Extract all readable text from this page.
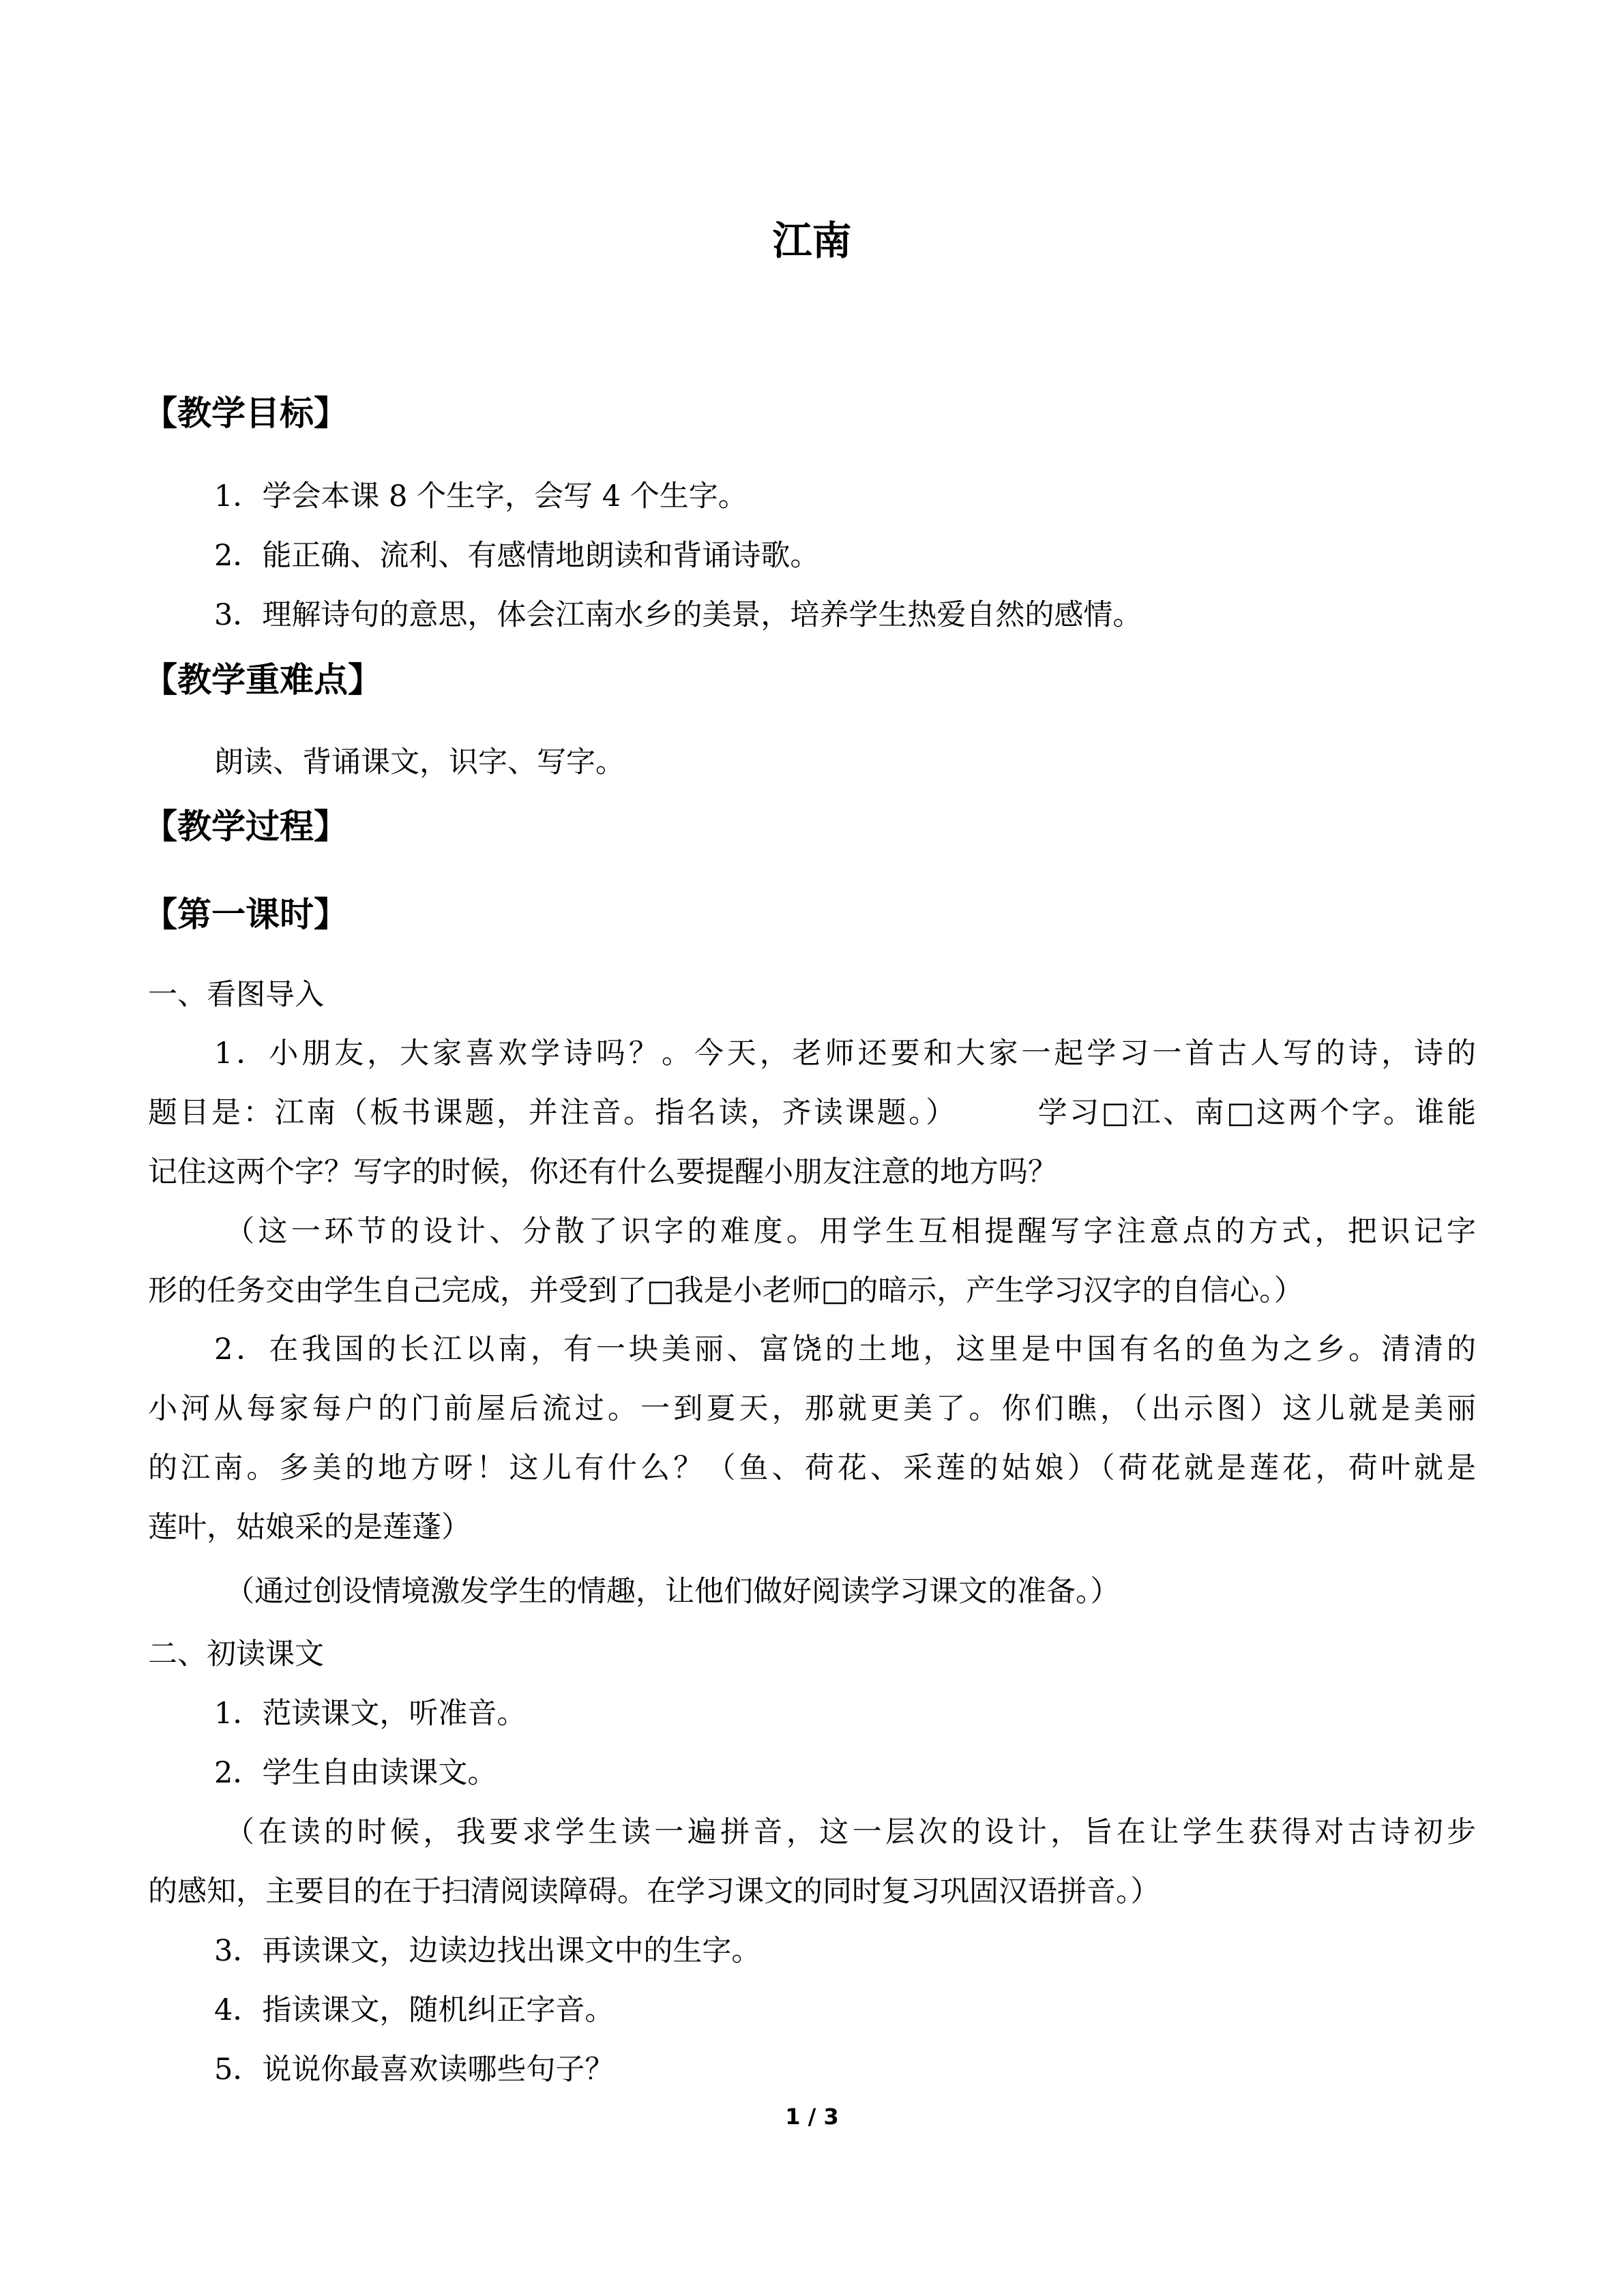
江南
【教学目标】
1．学会本课 8 个生字，会写 4 个生字。
2．能正确、流利、有感情地朗读和背诵诗歌。
3．理解诗句的意思，体会江南水乡的美景，培养学生热爱自然的感情。
【教学重难点】
朗读、背诵课文，识字、写字。
【教学过程】
【第一课时】
一、看图导入
1．小朋友，大家喜欢学诗吗？。今天，老师还要和大家一起学习一首古人写的诗，诗的
题目是：江南（板书课题，并注音。指名读，齐读课题。）　　　学习□江、南□这两个字。谁能
记住这两个字？写字的时候，你还有什么要提醒小朋友注意的地方吗？
（这一环节的设计、分散了识字的难度。用学生互相提醒写字注意点的方式，把识记字
形的任务交由学生自己完成，并受到了□我是小老师□的暗示，产生学习汉字的自信心。）
2．在我国的长江以南，有一块美丽、富饶的土地，这里是中国有名的鱼为之乡。清清的
小河从每家每户的门前屋后流过。一到夏天，那就更美了。你们瞧，（出示图）这儿就是美丽
的江南。多美的地方呀！这儿有什么？（鱼、荷花、采莲的姑娘）（荷花就是莲花，荷叶就是
莲叶，姑娘采的是莲蓬）
（通过创设情境激发学生的情趣，让他们做好阅读学习课文的准备。）
二、初读课文
1．范读课文，听准音。
2．学生自由读课文。
（在读的时候，我要求学生读一遍拼音，这一层次的设计，旨在让学生获得对古诗初步
的感知，主要目的在于扫清阅读障碍。在学习课文的同时复习巩固汉语拼音。）
3．再读课文，边读边找出课文中的生字。
4．指读课文，随机纠正字音。
5．说说你最喜欢读哪些句子？
1 / 3
